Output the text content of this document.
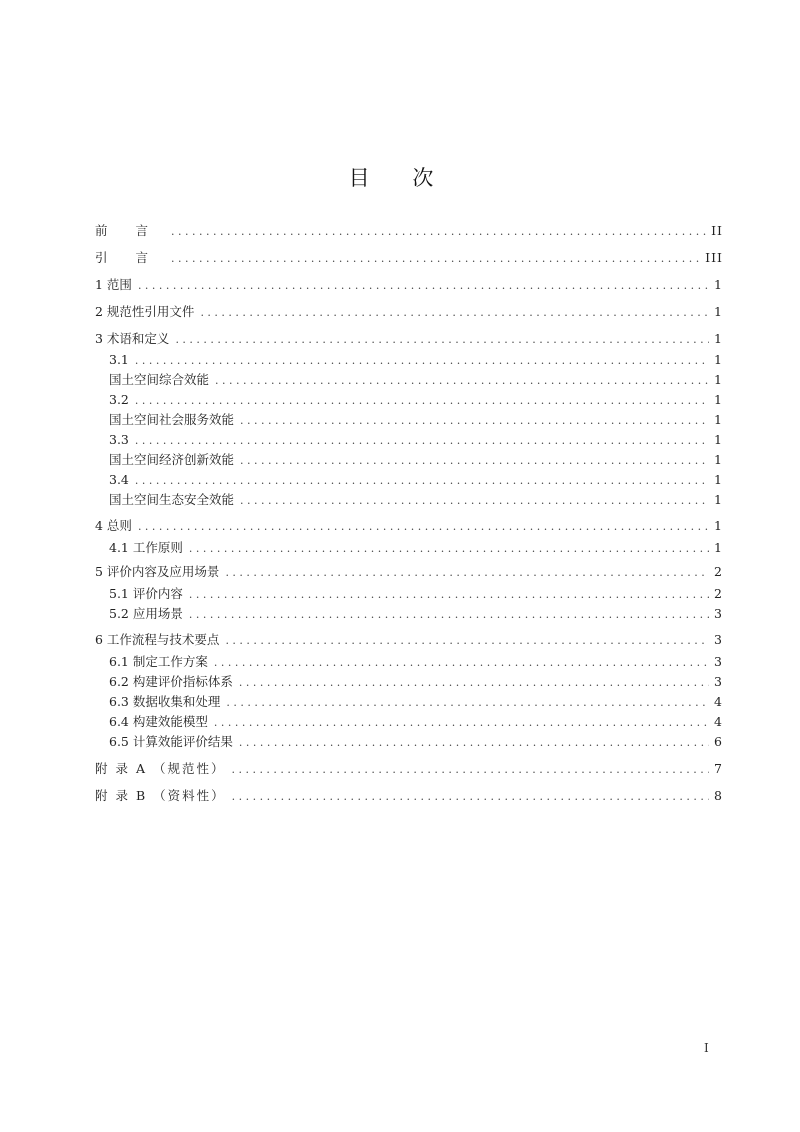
目 次
前 言 .....	II
引 言 .....	III
1 范围 .....	1
2 规范性引用文件 .....	1
3 术语和定义 .....	1
3.1 .....	1
国土空间综合效能 .....	1
3.2 .....	1
国土空间社会服务效能 .....	1
3.3 .....	1
国土空间经济创新效能 .....	1
3.4 .....	1
国土空间生态安全效能 .....	1
4 总则 .....	1
4.1 工作原则 .....	1
5 评价内容及应用场景 .....	2
5.1 评价内容 .....	2
5.2 应用场景 .....	3
6 工作流程与技术要点 .....	3
6.1 制定工作方案 .....	3
6.2 构建评价指标体系 .....	3
6.3 数据收集和处理 .....	4
6.4 构建效能模型 .....	4
6.5 计算效能评价结果 .....	6
附 录 A （规范性） .....	7
附 录 B （资料性） .....	8
I
